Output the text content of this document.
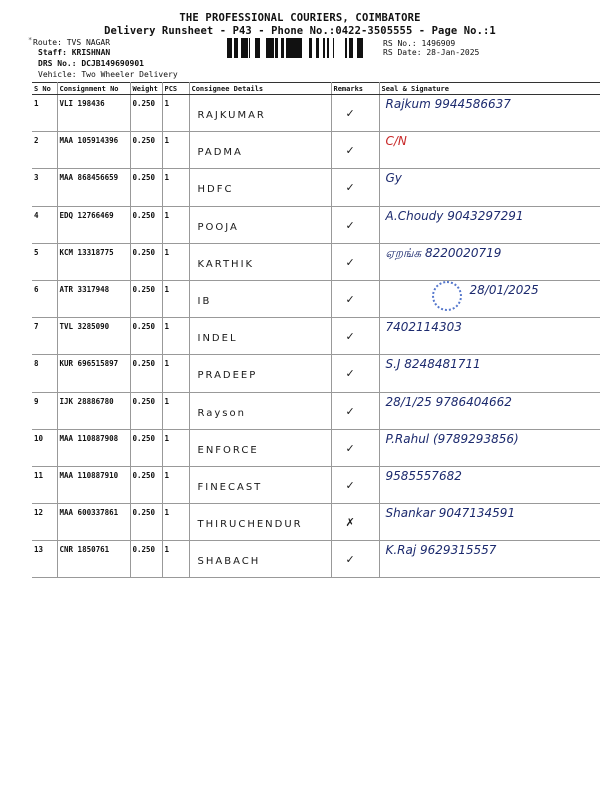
*
THE PROFESSIONAL COURIERS, COIMBATORE
Delivery Runsheet - P43 - Phone No.:0422-3505555 - Page No.:1
Route: TVS NAGAR
Staff: KRISHNAN
DRS No.: DCJB149690901
Vehicle: Two Wheeler Delivery
RS No.: 1496909
RS Date: 28-Jan-2025
S No	Consignment No	Weight	PCS	Consignee Details	Remarks	Seal & Signature
1	VLI 198436	0.250	1	RAJKUMAR	✓	Rajkum 9944586637

2	MAA 105914396	0.250	1	PADMA	✓	C/N

3	MAA 868456659	0.250	1	HDFC	✓	Gy

4	EDQ 12766469	0.250	1	POOJA	✓	A.Choudy 9043297291

5	KCM 13318775	0.250	1	KARTHIK	✓	ஏறங்க 8220020719

6	ATR 3317948	0.250	1	IB	✓	28/01/2025

7	TVL 3285090	0.250	1	INDEL	✓	7402114303

8	KUR 696515897	0.250	1	PRADEEP	✓	S.J 8248481711

9	IJK 28886780	0.250	1	Rayson	✓	28/1/25 9786404662

10	MAA 110887908	0.250	1	ENFORCE	✓	P.Rahul (9789293856)

11	MAA 110887910	0.250	1	FINECAST	✓	9585557682

12	MAA 600337861	0.250	1	THIRUCHENDUR	✗	Shankar 9047134591

13	CNR 1850761	0.250	1	SHABACH	✓	K.Raj 9629315557
